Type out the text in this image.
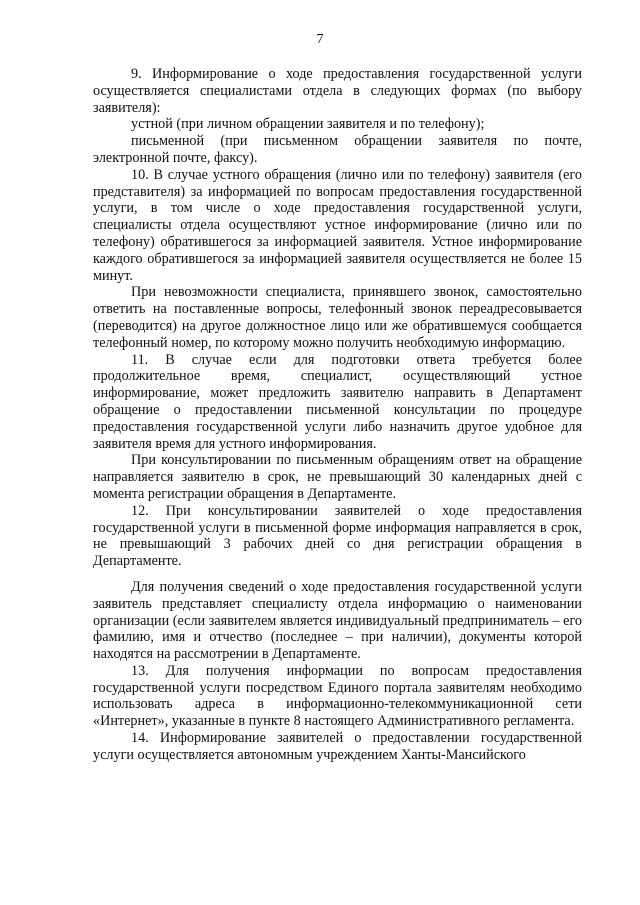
7

9. Информирование о ходе предоставления государственной услуги осуществляется специалистами отдела в следующих формах (по выбору заявителя):

устной (при личном обращении заявителя и по телефону);

письменной (при письменном обращении заявителя по почте, электронной почте, факсу).

10. В случае устного обращения (лично или по телефону) заявителя (его представителя) за информацией по вопросам предоставления государственной услуги, в том числе о ходе предоставления государственной услуги, специалисты отдела осуществляют устное информирование (лично или по телефону) обратившегося за информацией заявителя. Устное информирование каждого обратившегося за информацией заявителя осуществляется не более 15 минут.

При невозможности специалиста, принявшего звонок, самостоятельно ответить на поставленные вопросы, телефонный звонок переадресовывается (переводится) на другое должностное лицо или же обратившемуся сообщается телефонный номер, по которому можно получить необходимую информацию.

11. В случае если для подготовки ответа требуется более продолжительное время, специалист, осуществляющий устное информирование, может предложить заявителю направить в Департамент обращение о предоставлении письменной консультации по процедуре предоставления государственной услуги либо назначить другое удобное для заявителя время для устного информирования.

При консультировании по письменным обращениям ответ на обращение направляется заявителю в срок, не превышающий 30 календарных дней с момента регистрации обращения в Департаменте.

12. При консультировании заявителей о ходе предоставления государственной услуги в письменной форме информация направляется в срок, не превышающий 3 рабочих дней со дня регистрации обращения в Департаменте.

Для получения сведений о ходе предоставления государственной услуги заявитель представляет специалисту отдела информацию о наименовании организации (если заявителем является индивидуальный предприниматель – его фамилию, имя и отчество (последнее – при наличии), документы которой находятся на рассмотрении в Департаменте.

13. Для получения информации по вопросам предоставления государственной услуги посредством Единого портала заявителям необходимо использовать адреса в информационно-телекоммуникационной сети «Интернет», указанные в пункте 8 настоящего Административного регламента.

14. Информирование заявителей о предоставлении государственной услуги осуществляется автономным учреждением Ханты-Мансийского
